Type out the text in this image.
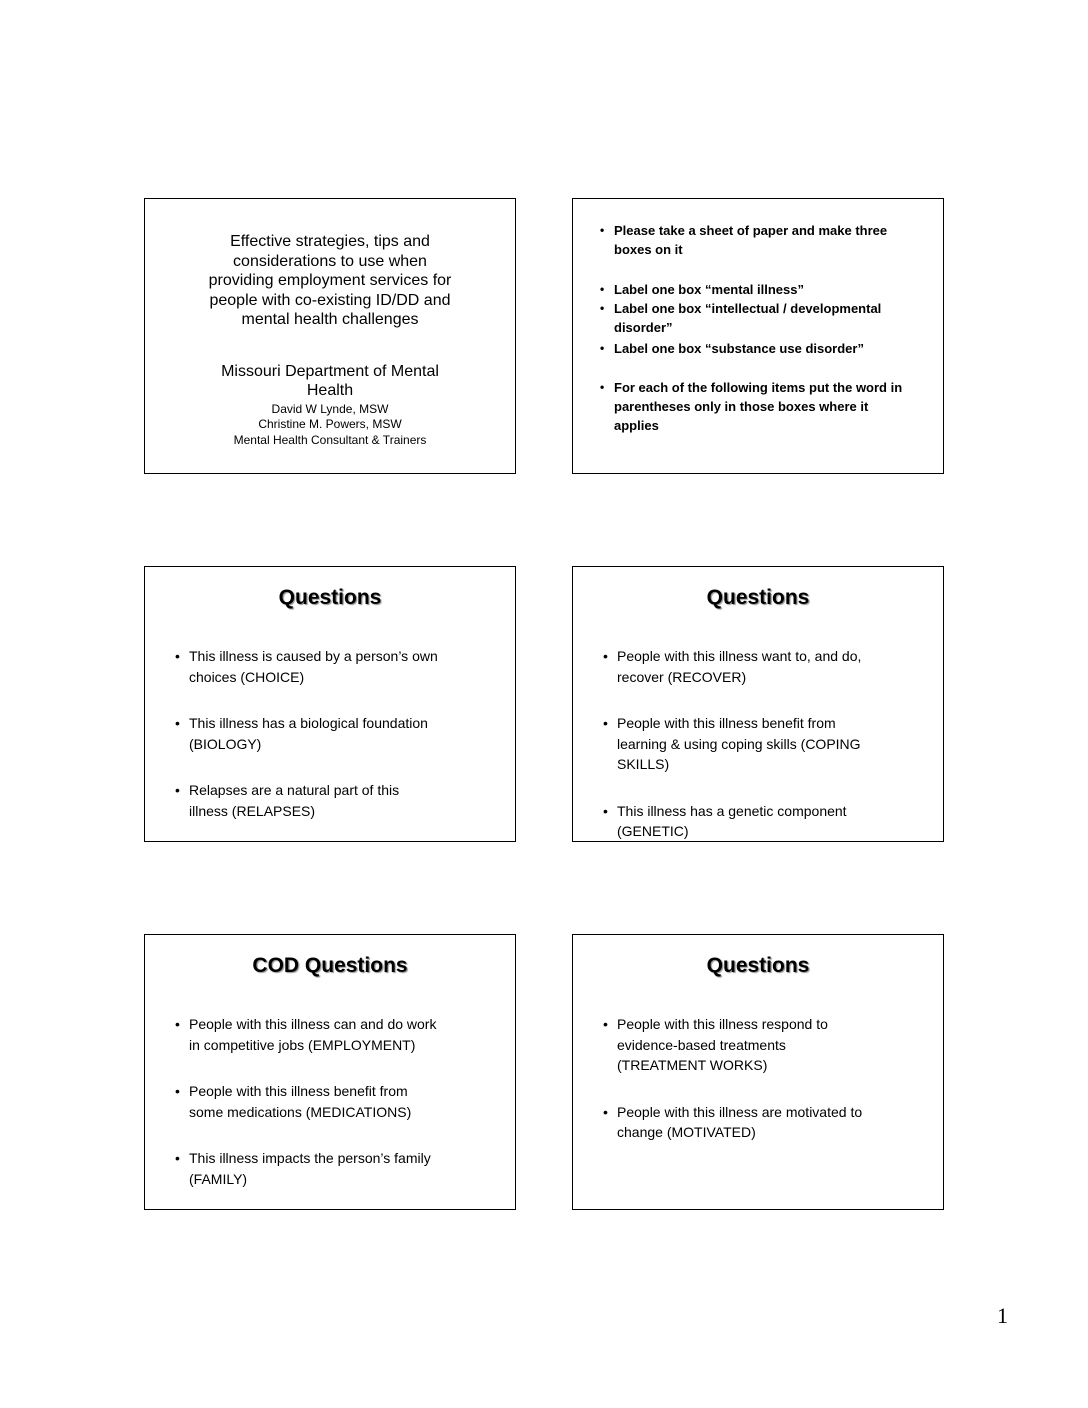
Effective strategies, tips and
considerations to use when
providing employment services for
people with co-existing ID/DD and
mental health challenges
Missouri Department of Mental
Health
David W Lynde, MSW
Christine M. Powers, MSW
Mental Health Consultant & Trainers
• Please take a sheet of paper and make three
boxes on it
• Label one box “mental illness”
• Label one box “intellectual / developmental
disorder”
• Label one box “substance use disorder”
• For each of the following items put the word in
parentheses only in those boxes where it
applies
Questions
• This illness is caused by a person’s own
choices (CHOICE)
• This illness has a biological foundation
(BIOLOGY)
• Relapses are a natural part of this
illness (RELAPSES)
Questions
• People with this illness want to, and do,
recover (RECOVER)
• People with this illness benefit from
learning & using coping skills (COPING
SKILLS)
• This illness has a genetic component
(GENETIC)
COD Questions
• People with this illness can and do work
in competitive jobs (EMPLOYMENT)
• People with this illness benefit from
some medications (MEDICATIONS)
• This illness impacts the person’s family
(FAMILY)
Questions
• People with this illness respond to
evidence-based treatments
(TREATMENT WORKS)
• People with this illness are motivated to
change (MOTIVATED)
1
